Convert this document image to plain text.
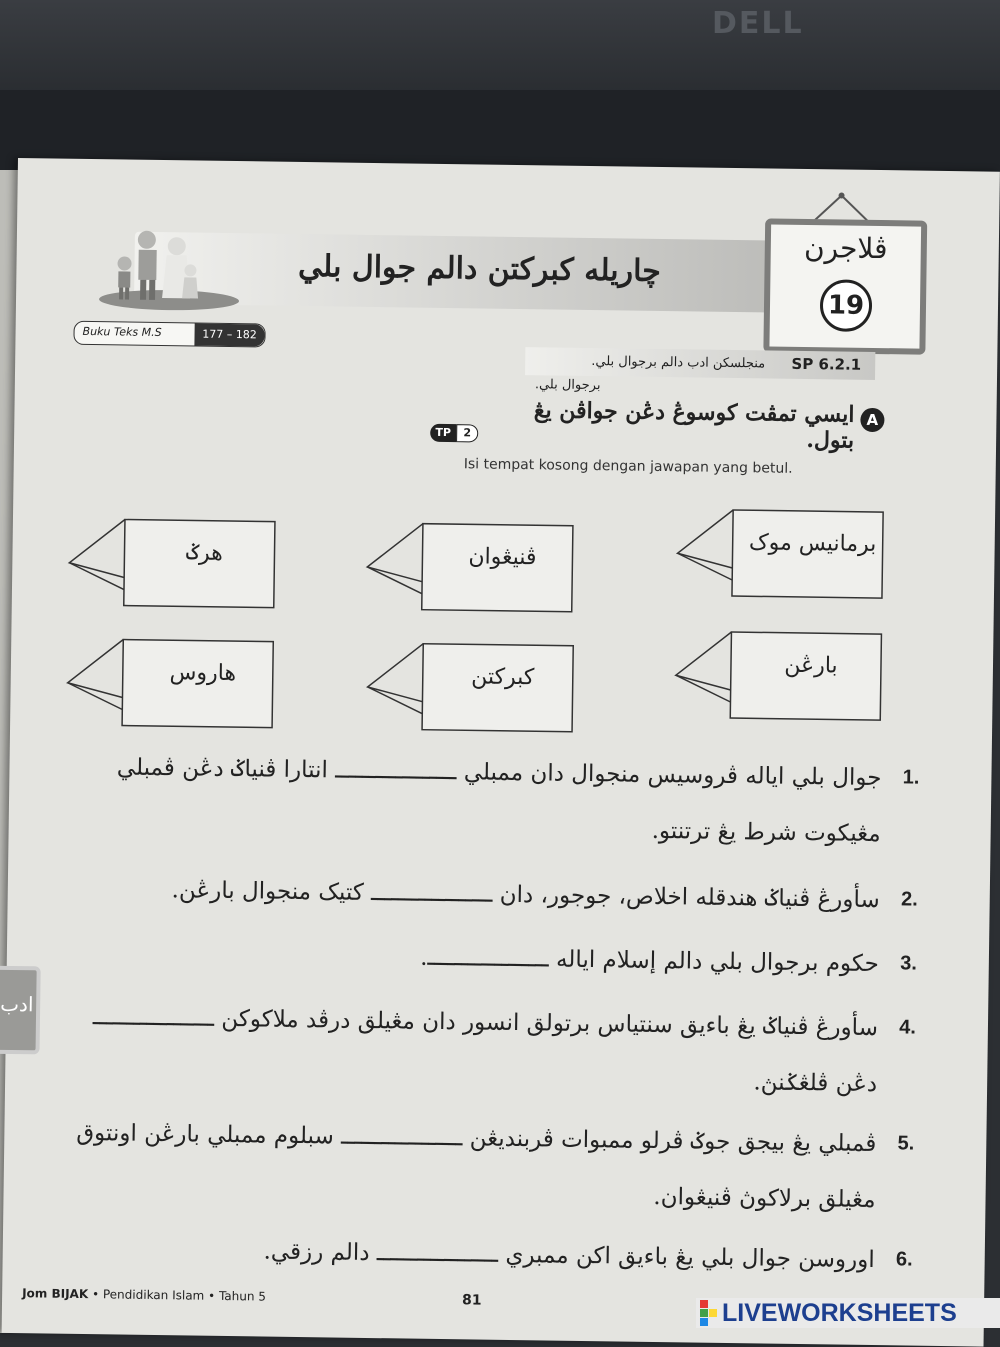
DELL
چاريله کبرکتن دالم جوال بلي
ڤلاجرن
19
Buku Teks M.S	177 – 182
منجلسکن ادب دالم برجوال بلي. SP 6.2.1
برجوال بلي.
A
ايسي تمڤت کوسوڠ دڠن جواڤن يڠ بتول.
TP	2
Isi tempat kosong dengan jawapan yang betul.
هرݢ	ڤنيڠوان
برمانيس موک
هاروس	کبرکتن	بارڠن
1.
جوال بلي اياله ڤروسيس منجوال دان ممبلي ــــــــــــــــــ انتارا ڤنياݢ دڠن ڤمبلي
مڠيکوت شرط يڠ ترتنتو.
2.
سأورڠ ڤنياݢ هندقله اخلاص، جوجور، دان ــــــــــــــــــ کتيک منجوال بارڠن.
3.
حکوم برجوال بلي دالم إسلام اياله ــــــــــــــــــ.
4.
سأورڠ ڤنياݢ يڠ باءيق سنتياس برتولق انسور دان مڠيلق درڤد ملاکوکن ــــــــــــــــــ
دڠن ڤلڠݢنڽ.
5.
ڤمبلي يڠ بيجق جوݢ ڤرلو ممبوات ڤربنديڠن ــــــــــــــــــ سبلوم ممبلي بارڠن اونتوق
مڠيلق برلاکوڽ ڤنيڠوان.
6.
اوروسن جوال بلي يڠ باءيق اکن ممبري ــــــــــــــــــ دالم رزقي.
ادب
Jom BIJAK • Pendidikan Islam • Tahun 5	81	LIVEWORKSHEETS
